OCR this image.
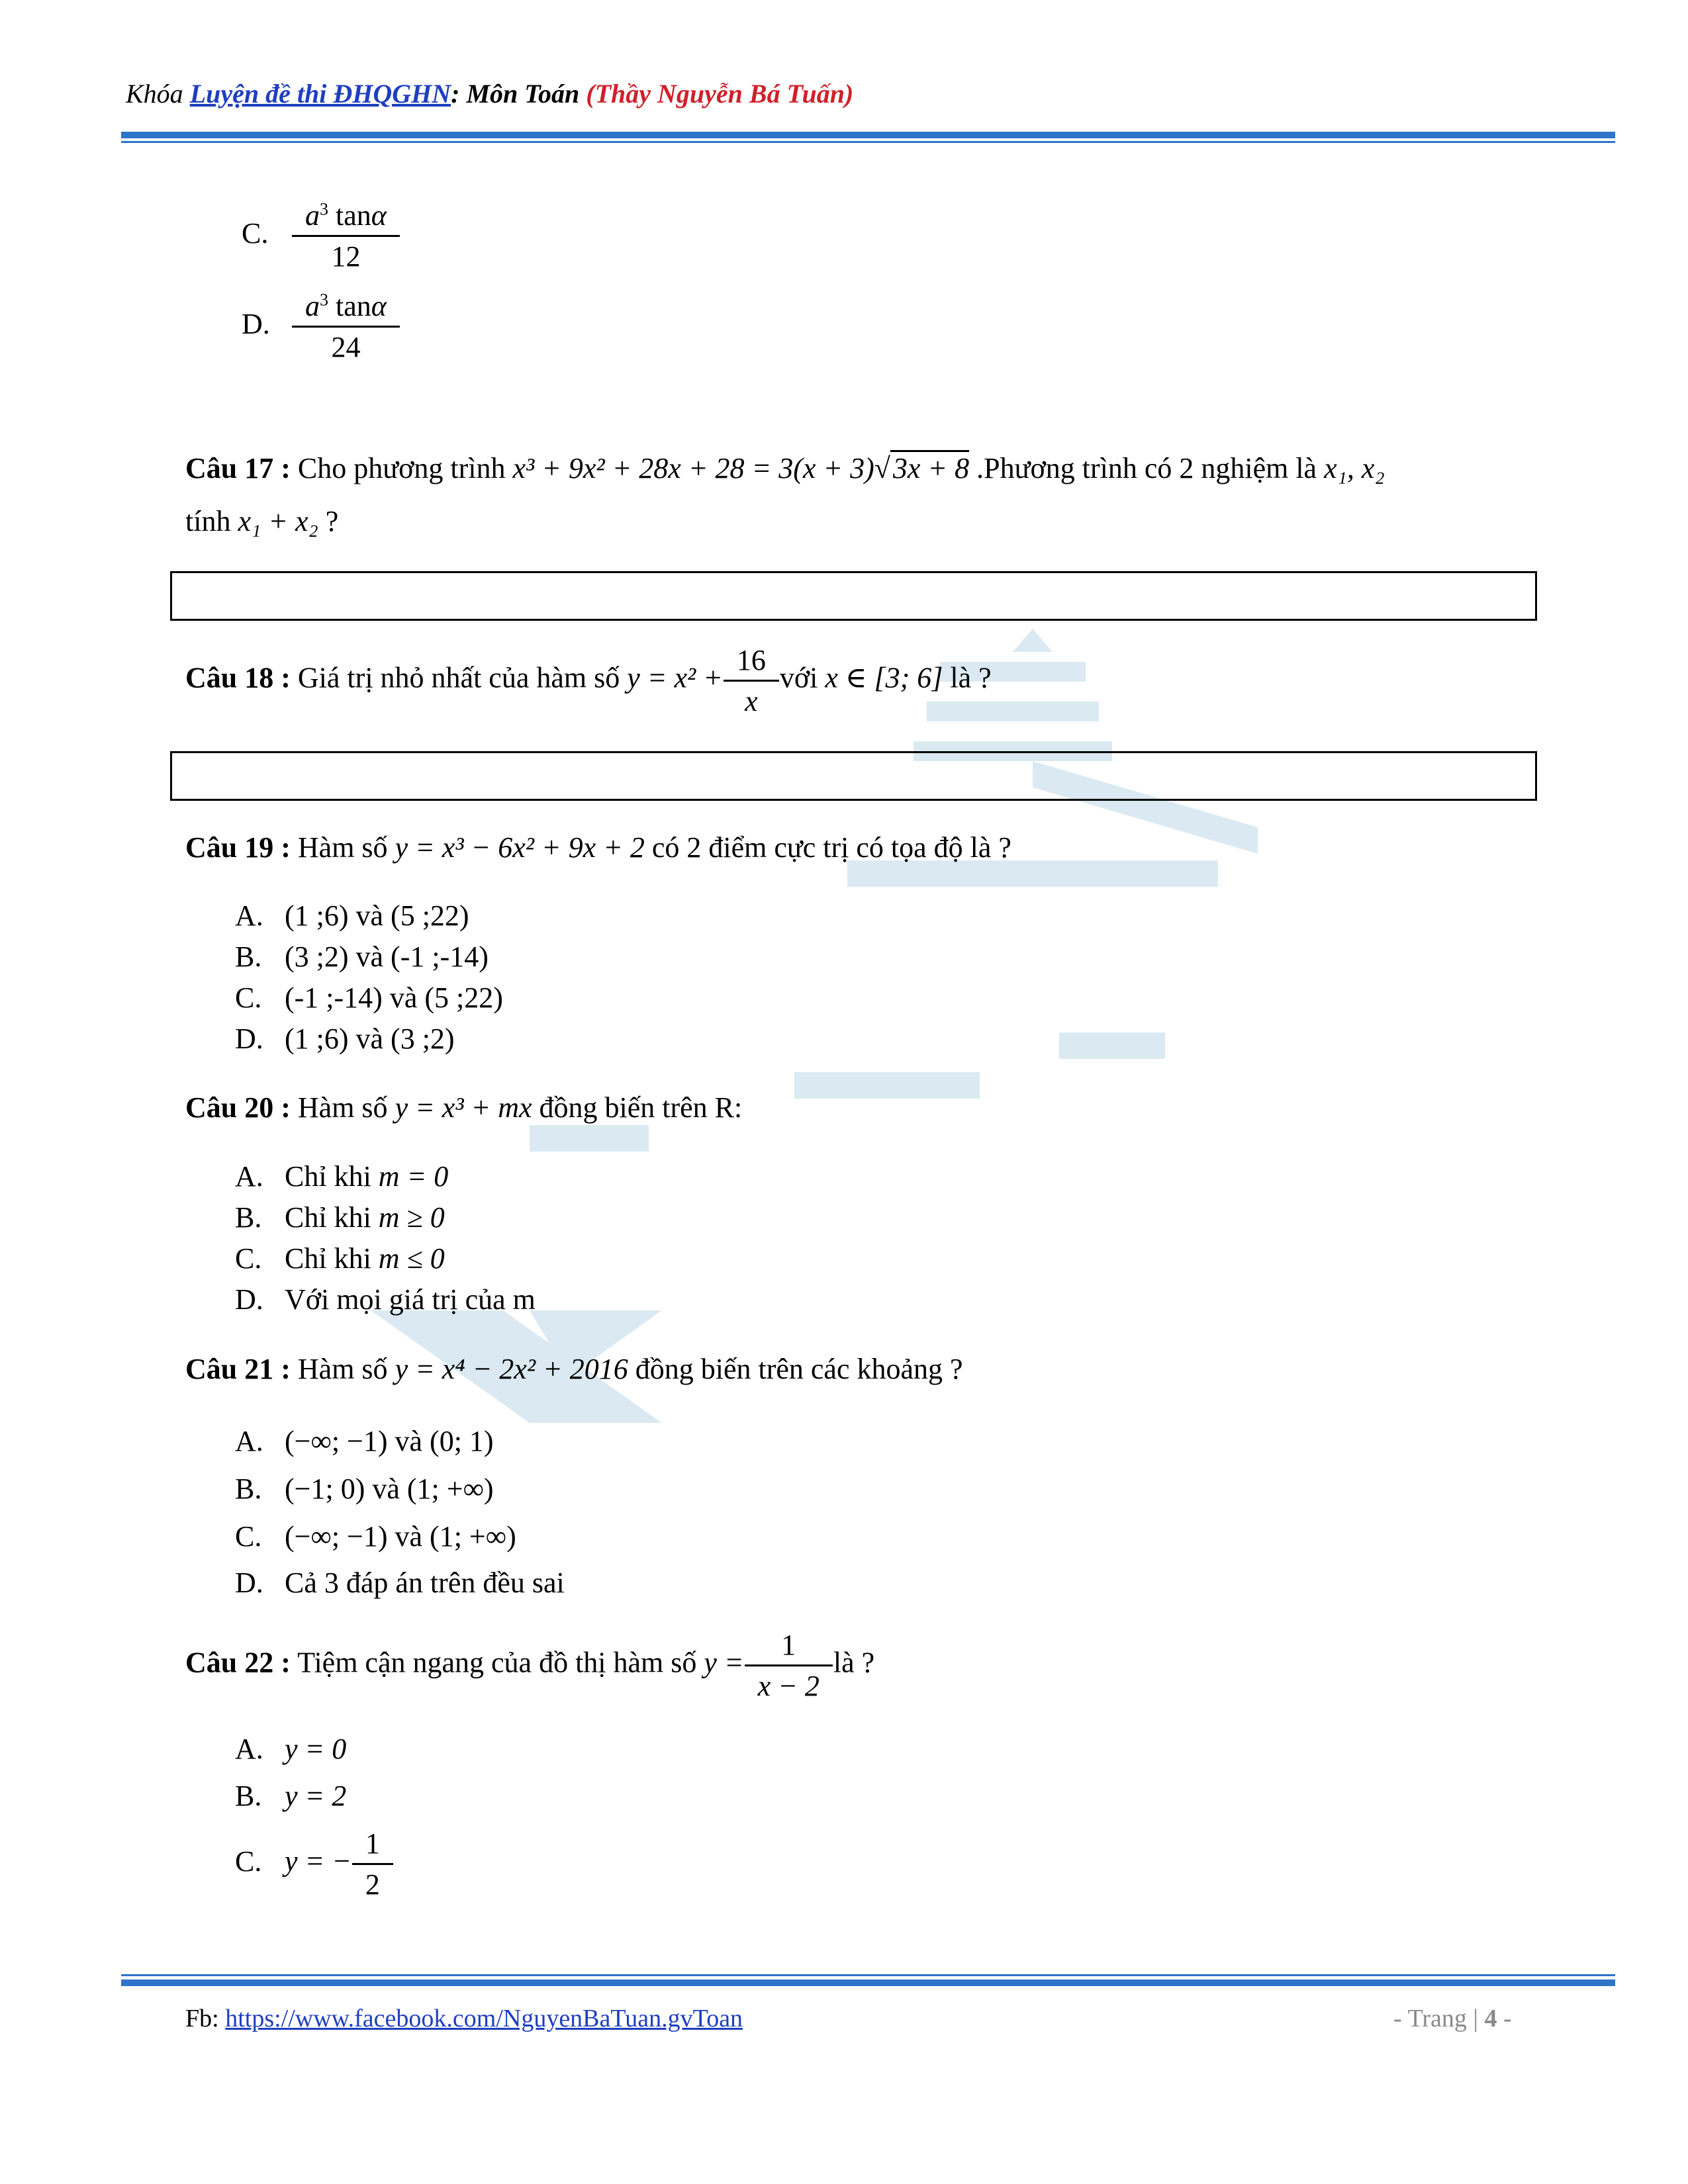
Khóa Luyện đề thi ĐHQGHN: Môn Toán (Thầy Nguyễn Bá Tuấn)
C. $\frac{a^3 \tan\alpha}{12}$
D. $\frac{a^3 \tan\alpha}{24}$
Câu 17 : Cho phương trình x³ + 9x² + 28x + 28 = 3(x + 3)√3x + 8 .Phương trình có 2 nghiệm là x₁, x₂
tính x₁ + x₂ ?
Câu 18 : Giá trị nhỏ nhất của hàm số $y = x^2 + \frac{16}{x}$ với x ∈ [3; 6] là ?
Câu 19 : Hàm số y = x³ − 6x² + 9x + 2 có 2 điểm cực trị có tọa độ là ?
A. (1 ;6) và (5 ;22)
B. (3 ;2) và (-1 ;-14)
C. (-1 ;-14) và (5 ;22)
D. (1 ;6) và (3 ;2)
Câu 20 : Hàm số y = x³ + mx đồng biến trên R:
A. Chỉ khi m = 0
B. Chỉ khi m ≥ 0
C. Chỉ khi m ≤ 0
D. Với mọi giá trị của m
Câu 21 : Hàm số y = x⁴ − 2x² + 2016 đồng biến trên các khoảng ?
A. (−∞; −1) và (0; 1)
B. (−1; 0) và (1; +∞)
C. (−∞; −1) và (1; +∞)
D. Cả 3 đáp án trên đều sai
Câu 22 : Tiệm cận ngang của đồ thị hàm số $y = \frac{1}{x - 2}$ là ?
A. y = 0
B. y = 2
C. y = − $\frac{1}{2}$
Fb: https://www.facebook.com/NguyenBaTuan.gvToan	- Trang | 4 -
